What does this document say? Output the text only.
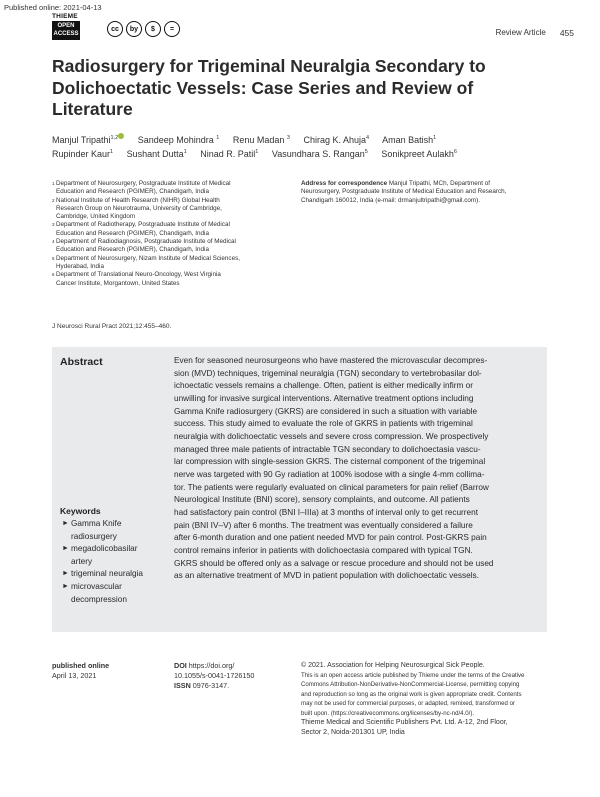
Published online: 2021-04-13
THIEME
OPEN
ACCESS
cc	by	$	=	Review Article 455
Radiosurgery for Trigeminal Neuralgia Secondary to Dolichoectatic Vessels: Case Series and Review of Literature
Manjul Tripathi$^{1,2}$ Sandeep Mohindra $^1$ Renu Madan $^3$ Chirag K. Ahuja$^4$ Aman Batish$^1$
Rupinder Kaur$^1$ Sushant Dutta$^1$ Ninad R. Patil$^1$ Vasundhara S. Rangan$^5$ Sonikpreet Aulakh$^6$
1 Department of Neurosurgery, Postgraduate Institute of Medical
Education and Research (PGIMER), Chandigarh, India
2 National Institute of Health Research (NIHR) Global Health
Research Group on Neurotrauma, University of Cambridge,
Cambridge, United Kingdom
3 Department of Radiotherapy, Postgraduate Institute of Medical
Education and Research (PGIMER), Chandigarh, India
4 Department of Radiodiagnosis, Postgraduate Institute of Medical
Education and Research (PGIMER), Chandigarh, India
5 Department of Neurosurgery, Nizam Institute of Medical Sciences,
Hyderabad, India
6 Department of Translational Neuro-Oncology, West Virginia
Cancer Institute, Morgantown, United States
Address for correspondence Manjul Tripathi, MCh, Department of
Neurosurgery, Postgraduate Institute of Medical Education and Research,
Chandigarh 160012, India (e-mail: drmanjultripathi@gmail.com).
J Neurosci Rural Pract 2021;12:455–460.
Abstract	Even for seasoned neurosurgeons who have mastered the microvascular decompres-
sion (MVD) techniques, trigeminal neuralgia (TGN) secondary to vertebrobasilar dol-
ichoectatic vessels remains a challenge. Often, patient is either medically infirm or
unwilling for invasive surgical interventions. Alternative treatment options including
Gamma Knife radiosurgery (GKRS) are considered in such a situation with variable
success. This study aimed to evaluate the role of GKRS in patients with trigeminal
neuralgia with dolichoectatic vessels and severe cross compression. We prospectively
managed three male patients of intractable TGN secondary to dolichoectasia vascu-
lar compression with single-session GKRS. The cisternal component of the trigeminal
nerve was targeted with 90 Gy radiation at 100% isodose with a single 4-mm collima-
tor. The patients were regularly evaluated on clinical parameters for pain relief (Barrow
Neurological Institute (BNI) score), sensory complaints, and outcome. All patients
had satisfactory pain control (BNI I–IIIa) at 3 months of interval only to get recurrent
pain (BNI IV–V) after 6 months. The treatment was eventually considered a failure
after 6-month duration and one patient needed MVD for pain control. Post-GKRS pain
control remains inferior in patients with dolichoectasia compared with typical TGN.
GKRS should be offered only as a salvage or rescue procedure and should not be used
as an alternative treatment of MVD in patient population with dolichoectatic vessels.
Keywords
► Gamma Knife
radiosurgery
► megadolicobasilar
artery
► trigeminal neuralgia
► microvascular
decompression
published online
April 13, 2021
DOI https://doi.org/
10.1055/s-0041-1726150
ISSN 0976-3147.
© 2021. Association for Helping Neurosurgical Sick People.
This is an open access article published by Thieme under the terms of the Creative
Commons Attribution-NonDerivative-NonCommercial-License, permitting copying
and reproduction so long as the original work is given appropriate credit. Contents
may not be used for commercial purposes, or adapted, remixed, transformed or
built upon. (https://creativecommons.org/licenses/by-nc-nd/4.0/).
Thieme Medical and Scientific Publishers Pvt. Ltd. A-12, 2nd Floor,
Sector 2, Noida-201301 UP, India
